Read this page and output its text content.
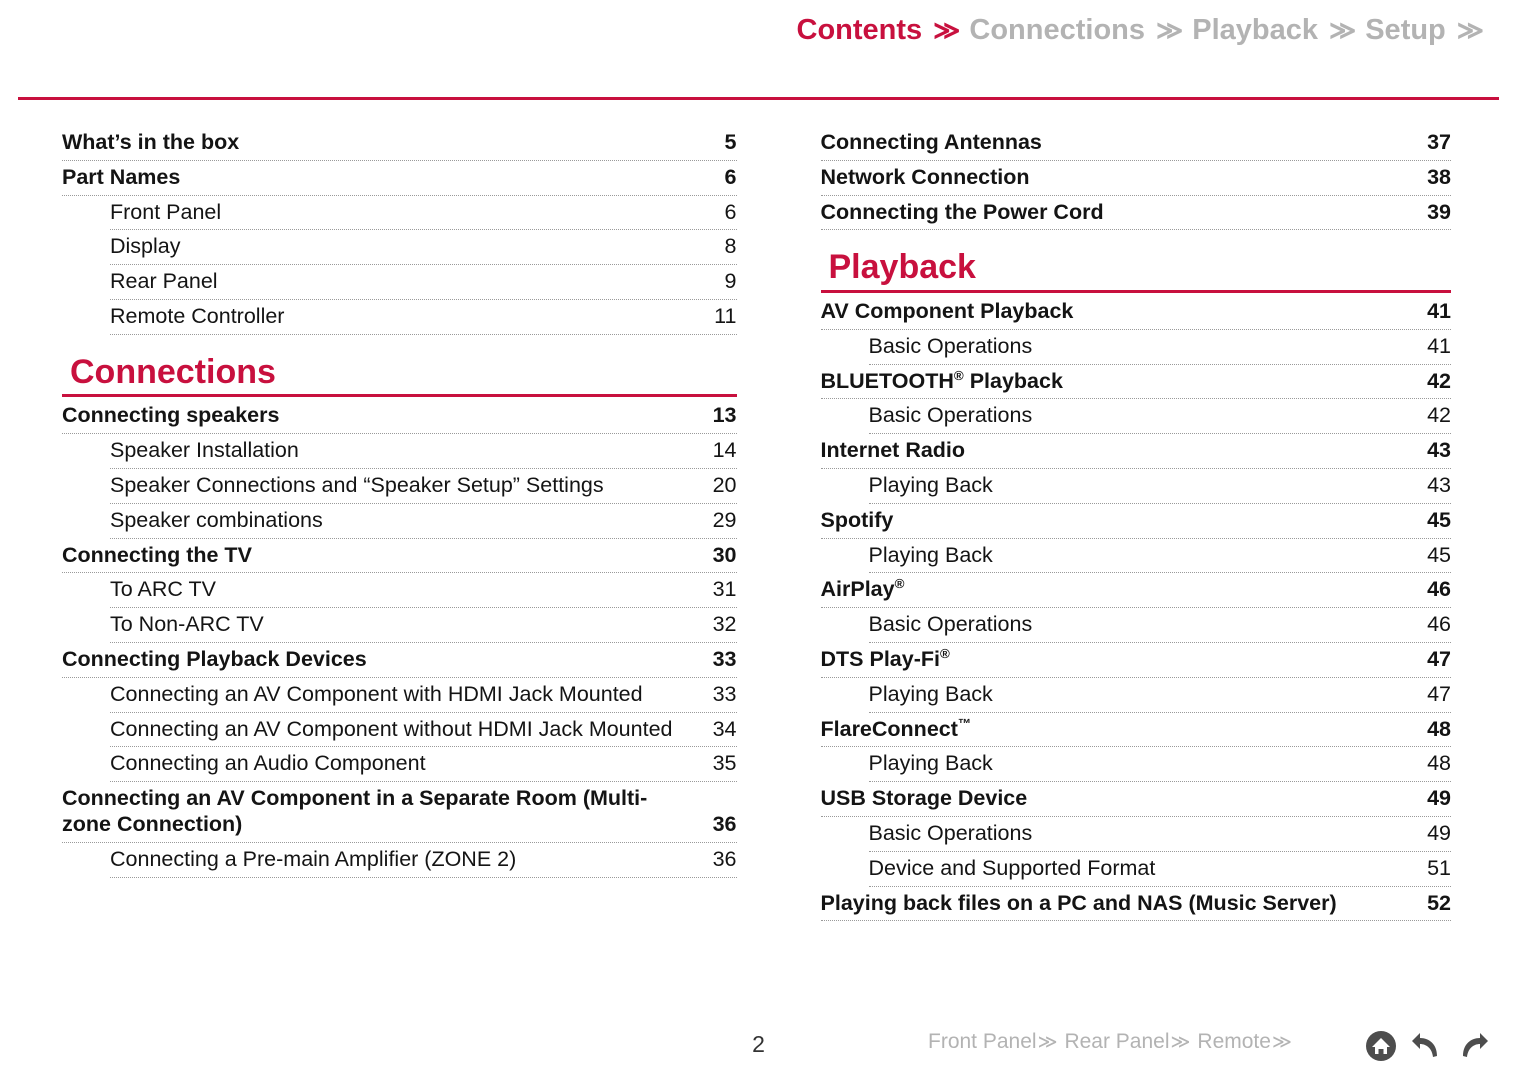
Contents ≫ Connections ≫ Playback ≫ Setup ≫
What’s in the box	5
Part Names	6
Front Panel	6
Display	8
Rear Panel	9
Remote Controller	11
Connections
Connecting speakers	13
Speaker Installation	14
Speaker Connections and “Speaker Setup” Settings	20
Speaker combinations	29
Connecting the TV	30
To ARC TV	31
To Non-ARC TV	32
Connecting Playback Devices	33
Connecting an AV Component with HDMI Jack Mounted	33
Connecting an AV Component without HDMI Jack Mounted	34
Connecting an Audio Component	35
Connecting an AV Component in a Separate Room (Multi-zone Connection)	36
Connecting a Pre-main Amplifier (ZONE 2)	36
Connecting Antennas	37
Network Connection	38
Connecting the Power Cord	39
Playback
AV Component Playback	41
Basic Operations	41
BLUETOOTH® Playback	42
Basic Operations	42
Internet Radio	43
Playing Back	43
Spotify	45
Playing Back	45
AirPlay®	46
Basic Operations	46
DTS Play-Fi®	47
Playing Back	47
FlareConnect™	48
Playing Back	48
USB Storage Device	49
Basic Operations	49
Device and Supported Format	51
Playing back files on a PC and NAS (Music Server)	52
2	Front Panel ≫ Rear Panel ≫ Remote ≫
